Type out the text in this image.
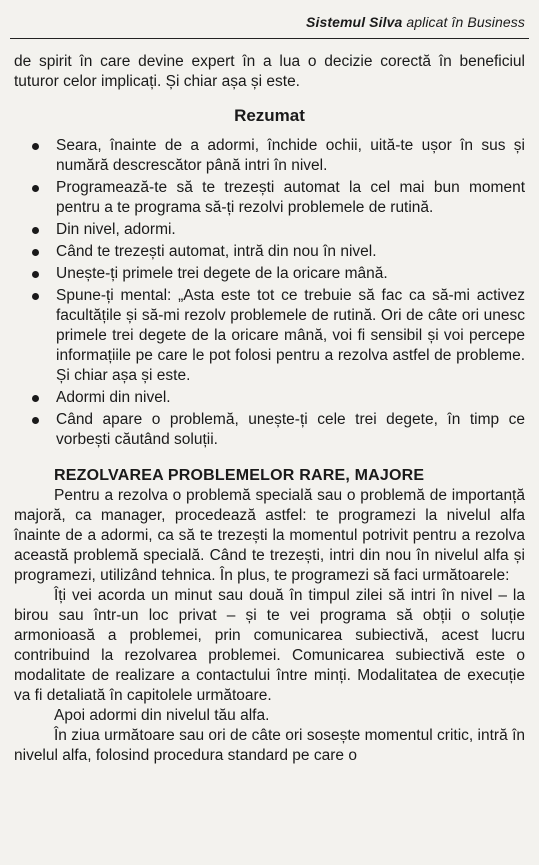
Sistemul Silva aplicat în Business

de spirit în care devine expert în a lua o decizie corectă în beneficiul tuturor celor implicați. Și chiar așa și este.

Rezumat
Seara, înainte de a adormi, închide ochii, uită-te ușor în sus și numără descrescător până intri în nivel.
Programează-te să te trezești automat la cel mai bun moment pentru a te programa să-ți rezolvi problemele de rutină.
Din nivel, adormi.
Când te trezești automat, intră din nou în nivel.
Unește-ți primele trei degete de la oricare mână.
Spune-ți mental: „Asta este tot ce trebuie să fac ca să-mi activez facultățile și să-mi rezolv problemele de rutină. Ori de câte ori unesc primele trei degete de la oricare mână, voi fi sensibil și voi percepe informațiile pe care le pot folosi pentru a rezolva astfel de probleme. Și chiar așa și este.
Adormi din nivel.
Când apare o problemă, unește-ți cele trei degete, în timp ce vorbești căutând soluții.
REZOLVAREA PROBLEMELOR RARE, MAJORE

Pentru a rezolva o problemă specială sau o problemă de importanță majoră, ca manager, procedează astfel: te programezi la nivelul alfa înainte de a adormi, ca să te trezești la momentul potrivit pentru a rezolva această problemă specială. Când te trezești, intri din nou în nivelul alfa și programezi, utilizând tehnica. În plus, te programezi să faci următoarele:

Îți vei acorda un minut sau două în timpul zilei să intri în nivel – la birou sau într-un loc privat – și te vei programa să obții o soluție armonioasă a problemei, prin comunicarea subiectivă, acest lucru contribuind la rezolvarea problemei. Comunicarea subiectivă este o modalitate de realizare a contactului între minți. Modalitatea de execuție va fi detaliată în capitolele următoare.

Apoi adormi din nivelul tău alfa.

În ziua următoare sau ori de câte ori sosește momentul critic, intră în nivelul alfa, folosind procedura standard pe care o
